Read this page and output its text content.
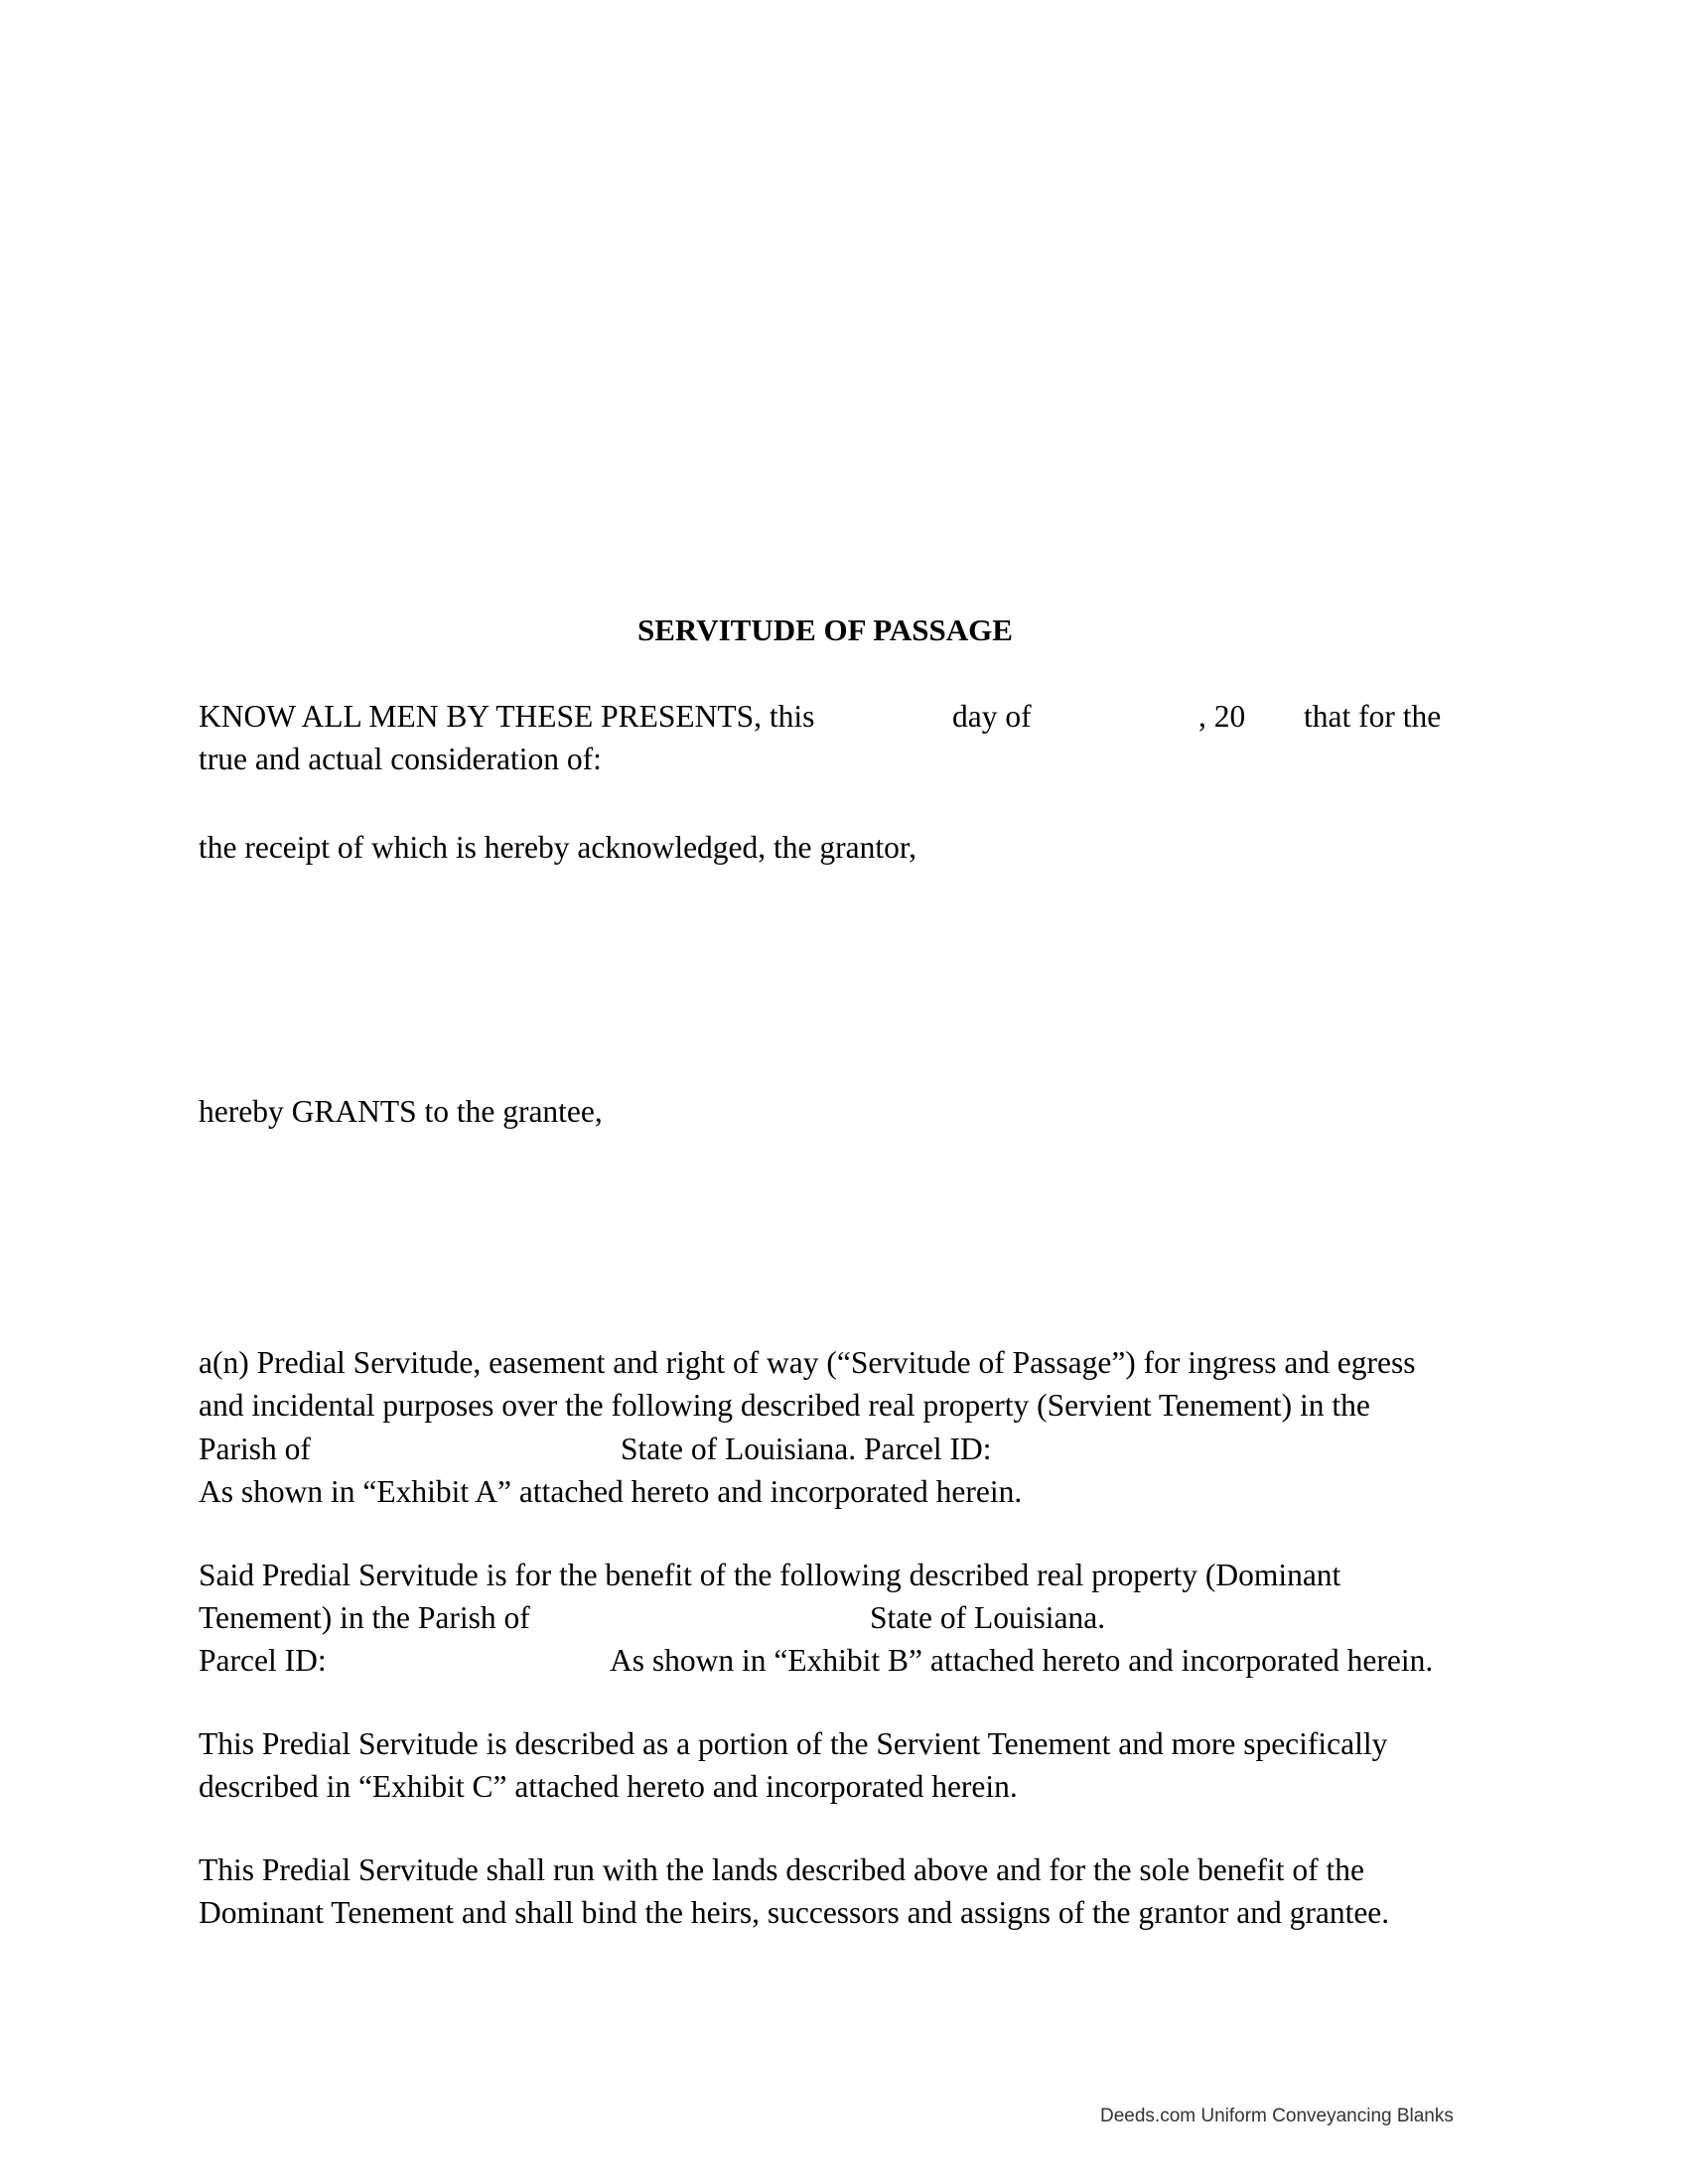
SERVITUDE OF PASSAGE
KNOW ALL MEN BY THESE PRESENTS, this	day of	, 20 that for the
true and actual consideration of:
the receipt of which is hereby acknowledged, the grantor,
hereby GRANTS to the grantee,
a(n) Predial Servitude, easement and right of way (“Servitude of Passage”) for ingress and egress
and incidental purposes over the following described real property (Servient Tenement) in the
Parish of	State of Louisiana. Parcel ID:
As shown in “Exhibit A” attached hereto and incorporated herein.
Said Predial Servitude is for the benefit of the following described real property (Dominant
Tenement) in the Parish of	State of Louisiana.
Parcel ID:	As shown in “Exhibit B” attached hereto and incorporated herein.
This Predial Servitude is described as a portion of the Servient Tenement and more specifically
described in “Exhibit C” attached hereto and incorporated herein.
This Predial Servitude shall run with the lands described above and for the sole benefit of the
Dominant Tenement and shall bind the heirs, successors and assigns of the grantor and grantee.
Deeds.com Uniform Conveyancing Blanks
